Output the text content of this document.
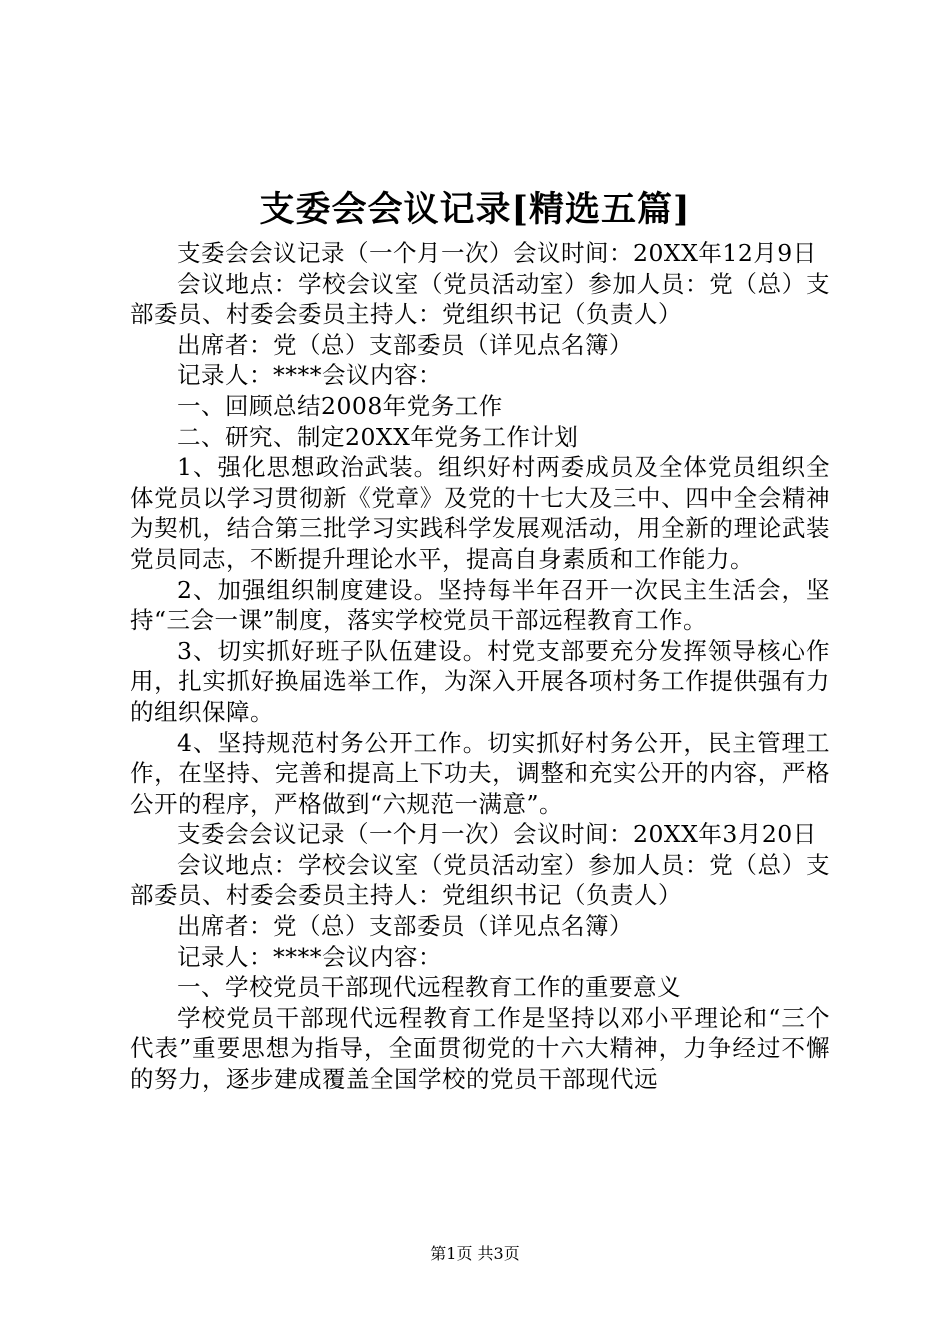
支委会会议记录[精选五篇]

支委会会议记录（一个月一次）会议时间：20XX年12月9日

会议地点：学校会议室（党员活动室）参加人员：党（总）支部委员、村委会委员主持人：党组织书记（负责人）

出席者：党（总）支部委员（详见点名簿）

记录人：****会议内容：

一、回顾总结2008年党务工作

二、研究、制定20XX年党务工作计划

1、强化思想政治武装。组织好村两委成员及全体党员组织全体党员以学习贯彻新《党章》及党的十七大及三中、四中全会精神为契机，结合第三批学习实践科学发展观活动，用全新的理论武装党员同志，不断提升理论水平，提高自身素质和工作能力。

2、加强组织制度建设。坚持每半年召开一次民主生活会，坚持“三会一课”制度，落实学校党员干部远程教育工作。

3、切实抓好班子队伍建设。村党支部要充分发挥领导核心作用，扎实抓好换届选举工作，为深入开展各项村务工作提供强有力的组织保障。

4、坚持规范村务公开工作。切实抓好村务公开，民主管理工作，在坚持、完善和提高上下功夫，调整和充实公开的内容，严格公开的程序，严格做到“六规范一满意”。

支委会会议记录（一个月一次）会议时间：20XX年3月20日

会议地点：学校会议室（党员活动室）参加人员：党（总）支部委员、村委会委员主持人：党组织书记（负责人）

出席者：党（总）支部委员（详见点名簿）

记录人：****会议内容：

一、学校党员干部现代远程教育工作的重要意义

学校党员干部现代远程教育工作是坚持以邓小平理论和“三个代表”重要思想为指导，全面贯彻党的十六大精神，力争经过不懈的努力，逐步建成覆盖全国学校的党员干部现代远

第1页 共3页
